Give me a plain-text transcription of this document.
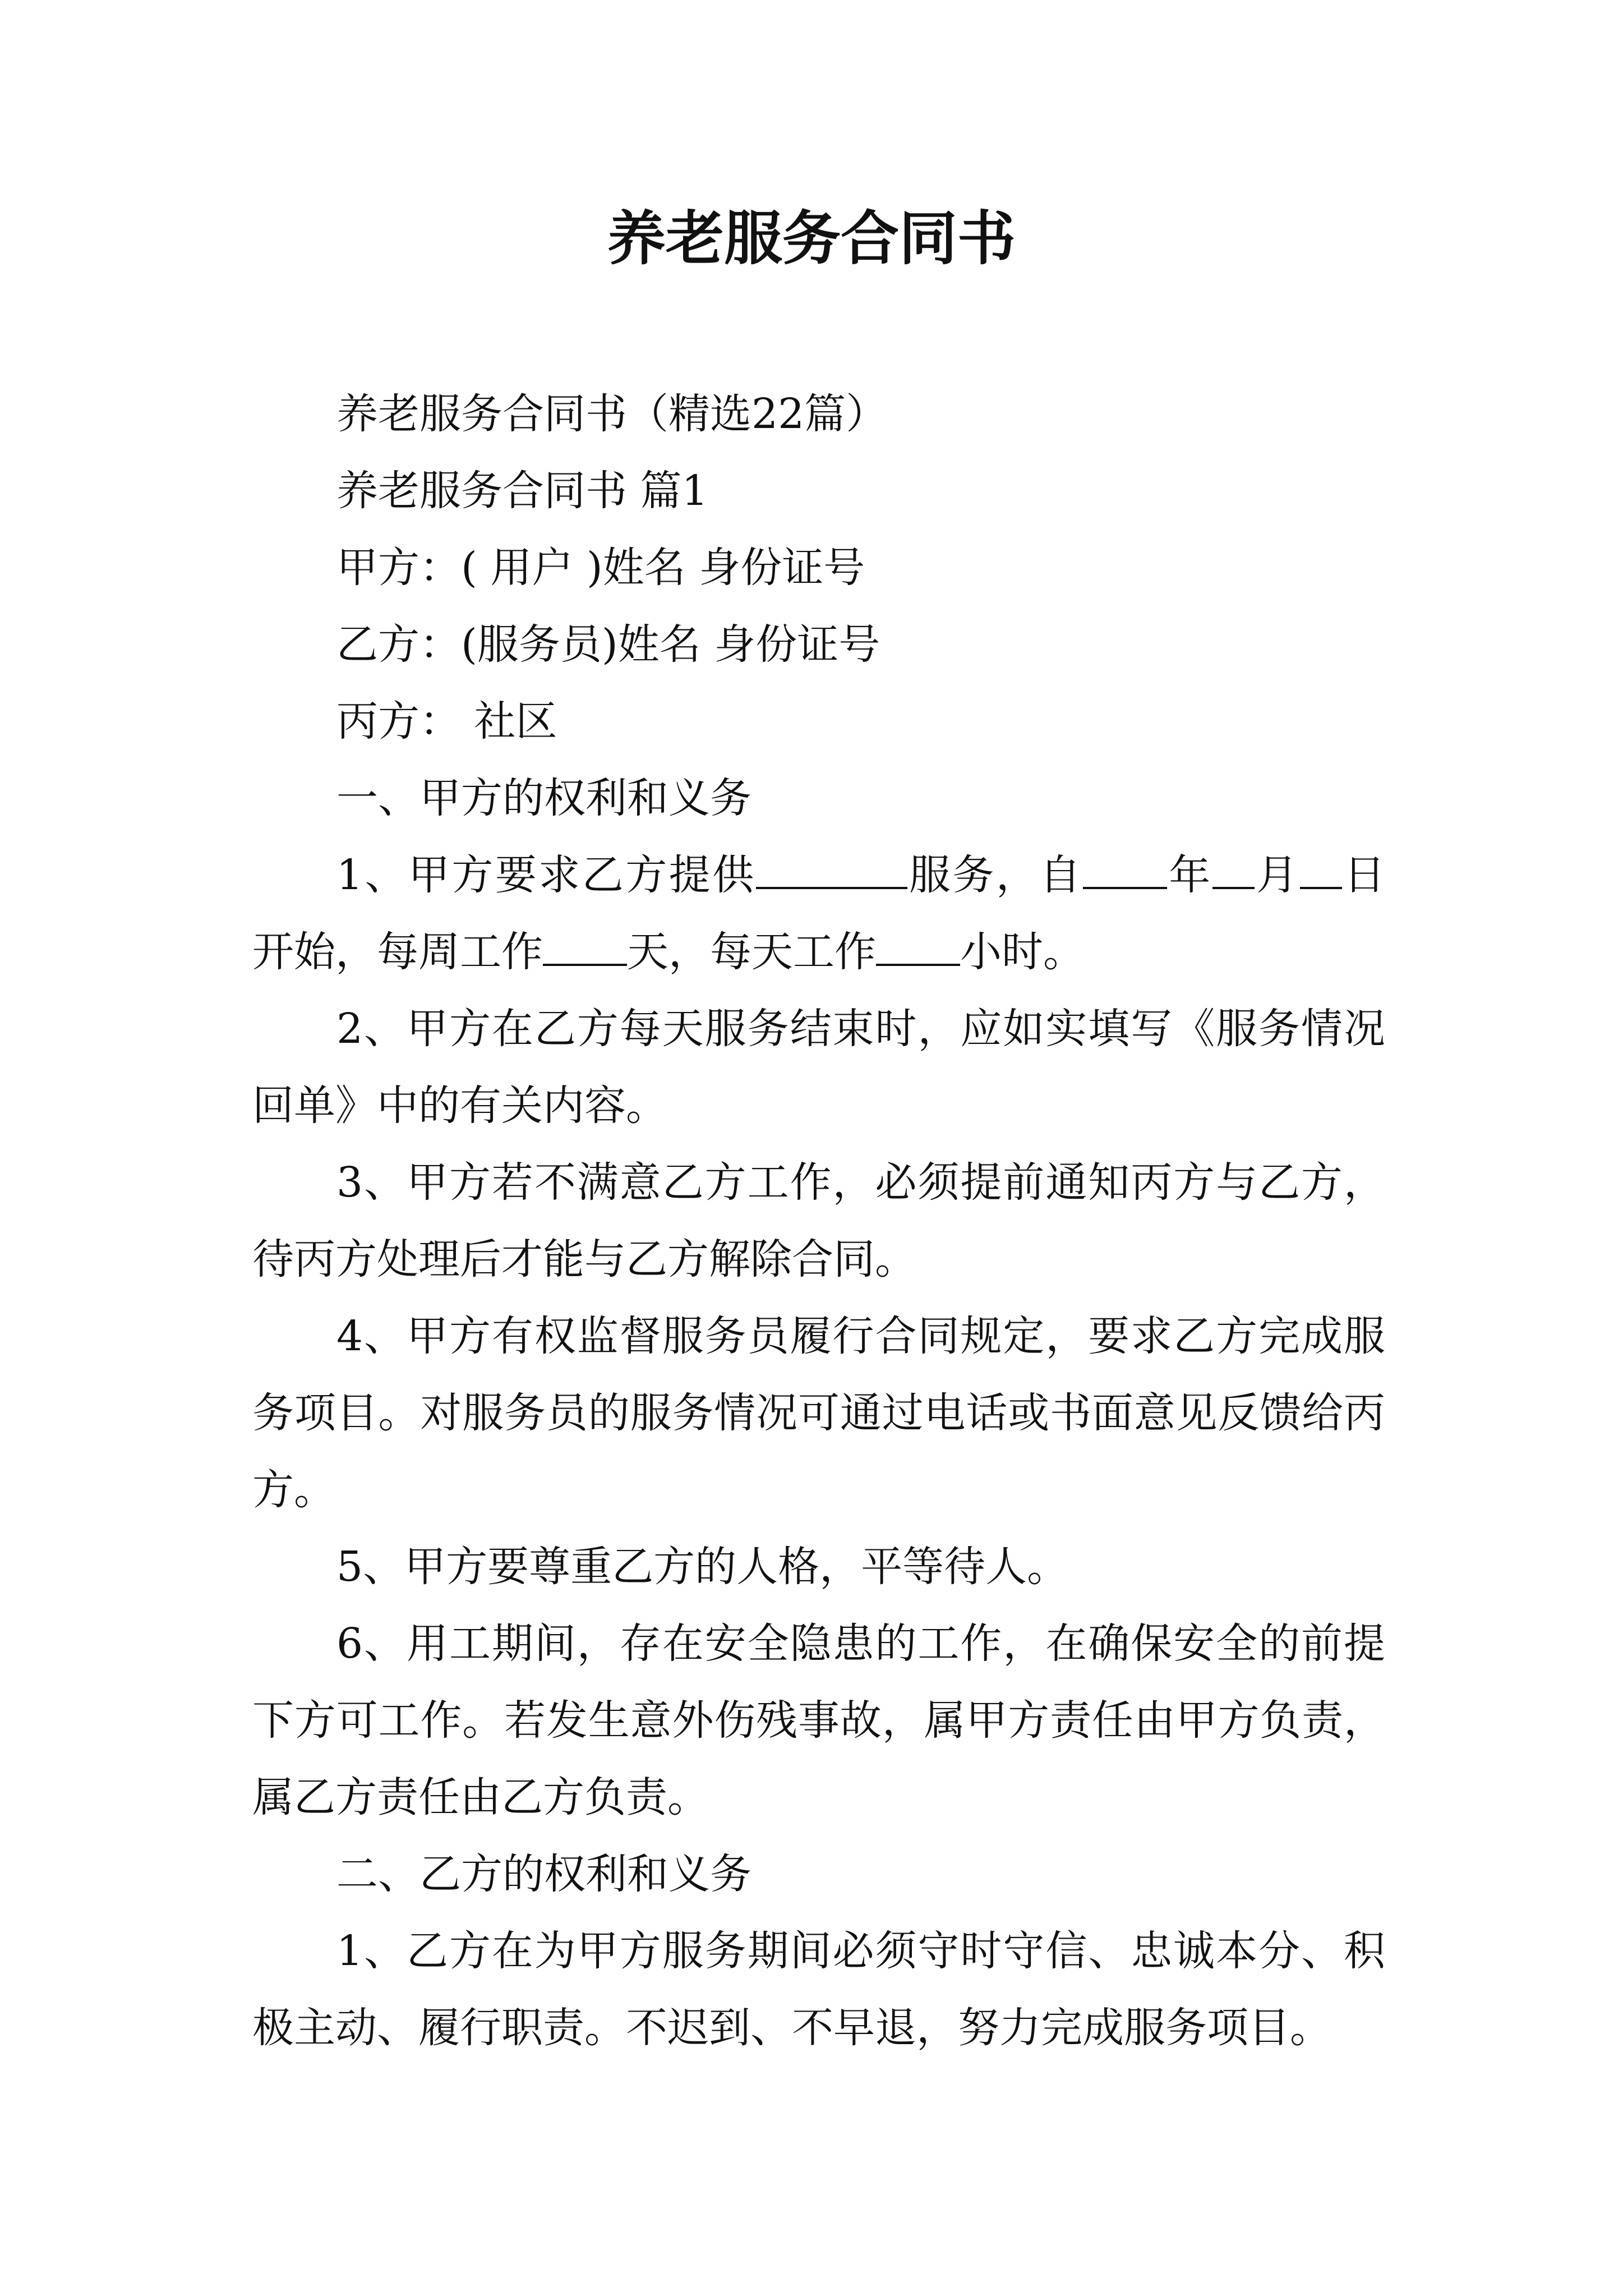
养老服务合同书

养老服务合同书（精选22篇）

养老服务合同书 篇1

甲方：( 用户 )姓名 身份证号

乙方：(服务员)姓名 身份证号

丙方： 社区

一、甲方的权利和义务

1、甲方要求乙方提供	服务，自 年 月 日开始，每周工作 天，每天工作 小时。

2、甲方在乙方每天服务结束时，应如实填写《服务情况回单》中的有关内容。

3、甲方若不满意乙方工作，必须提前通知丙方与乙方，待丙方处理后才能与乙方解除合同。

4、甲方有权监督服务员履行合同规定，要求乙方完成服务项目。对服务员的服务情况可通过电话或书面意见反馈给丙方。

5、甲方要尊重乙方的人格，平等待人。

6、用工期间，存在安全隐患的工作，在确保安全的前提下方可工作。若发生意外伤残事故，属甲方责任由甲方负责，属乙方责任由乙方负责。

二、乙方的权利和义务

1、乙方在为甲方服务期间必须守时守信、忠诚本分、积极主动、履行职责。不迟到、不早退，努力完成服务项目。
